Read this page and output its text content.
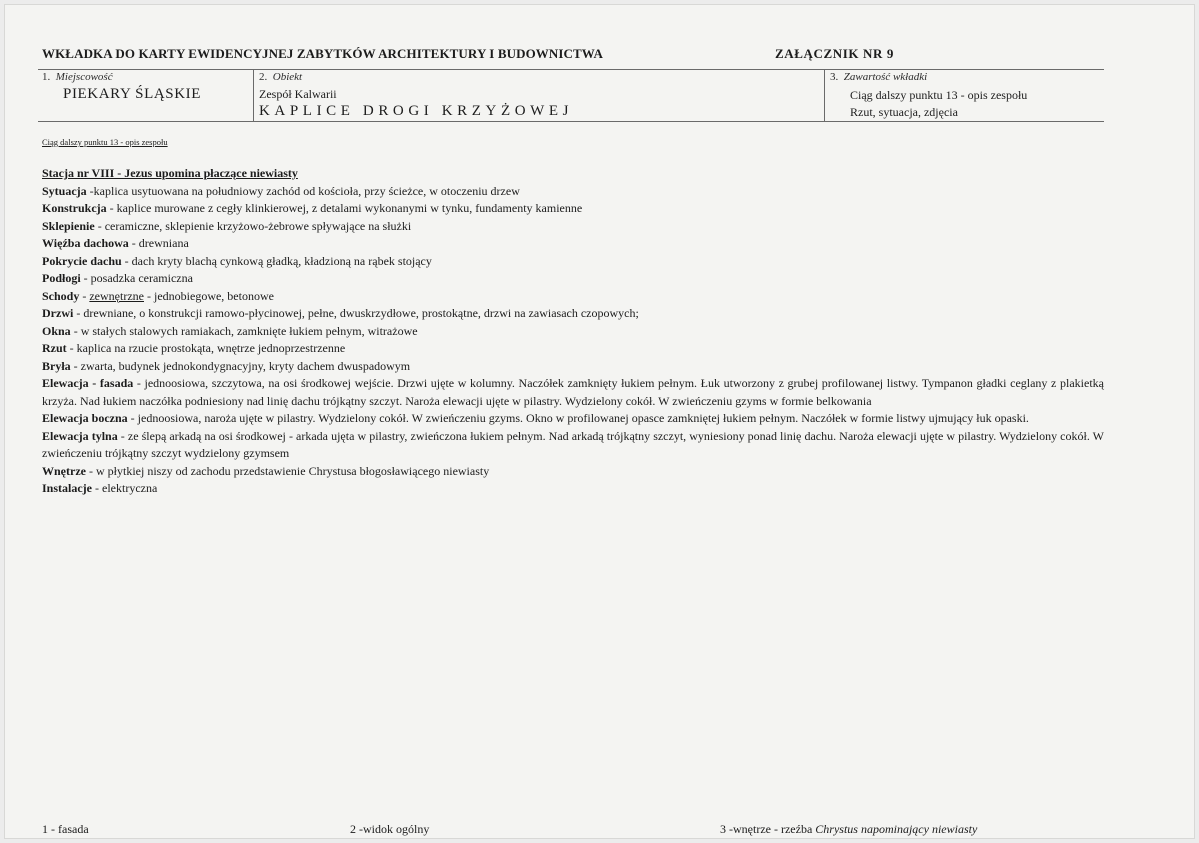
WKŁADKA DO KARTY EWIDENCYJNEJ ZABYTKÓW ARCHITEKTURY I BUDOWNICTWA	ZAŁĄCZNIK NR 9
1. Miejscowość
PIEKARY ŚLĄSKIE
2. Obiekt
Zespół Kalwarii
KAPLICE DROGI KRZYŻOWEJ
3. Zawartość wkładki
Ciąg dalszy punktu 13 - opis zespołu
Rzut, sytuacja, zdjęcia
Ciąg dalszy punktu 13 - opis zespołu

Stacja nr VIII - Jezus upomina płaczące niewiasty

Sytuacja -kaplica usytuowana na południowy zachód od kościoła, przy ścieżce, w otoczeniu drzew

Konstrukcja - kaplice murowane z cegły klinkierowej, z detalami wykonanymi w tynku, fundamenty kamienne

Sklepienie - ceramiczne, sklepienie krzyżowo-żebrowe spływające na służki

Więźba dachowa - drewniana

Pokrycie dachu - dach kryty blachą cynkową gładką, kładzioną na rąbek stojący

Podłogi - posadzka ceramiczna

Schody - zewnętrzne - jednobiegowe, betonowe

Drzwi - drewniane, o konstrukcji ramowo-płycinowej, pełne, dwuskrzydłowe, prostokątne, drzwi na zawiasach czopowych;

Okna - w stałych stalowych ramiakach, zamknięte łukiem pełnym, witrażowe

Rzut - kaplica na rzucie prostokąta, wnętrze jednoprzestrzenne

Bryła - zwarta, budynek jednokondygnacyjny, kryty dachem dwuspadowym

Elewacja - fasada - jednoosiowa, szczytowa, na osi środkowej wejście. Drzwi ujęte w kolumny. Naczółek zamknięty łukiem pełnym. Łuk utworzony z grubej profilowanej listwy. Tympanon gładki ceglany z plakietką krzyża. Nad łukiem naczółka podniesiony nad linię dachu trójkątny szczyt. Naroża elewacji ujęte w pilastry. Wydzielony cokół. W zwieńczeniu gzyms w formie belkowania

Elewacja boczna - jednoosiowa, naroża ujęte w pilastry. Wydzielony cokół. W zwieńczeniu gzyms. Okno w profilowanej opasce zamkniętej łukiem pełnym. Naczółek w formie listwy ujmujący łuk opaski.

Elewacja tylna - ze ślepą arkadą na osi środkowej - arkada ujęta w pilastry, zwieńczona łukiem pełnym. Nad arkadą trójkątny szczyt, wyniesiony ponad linię dachu. Naroża elewacji ujęte w pilastry. Wydzielony cokół. W zwieńczeniu trójkątny szczyt wydzielony gzymsem

Wnętrze - w płytkiej niszy od zachodu przedstawienie Chrystusa błogosławiącego niewiasty

Instalacje - elektryczna

1 - fasada	2 -widok ogólny	3 -wnętrze - rzeźba Chrystus napominający niewiasty
